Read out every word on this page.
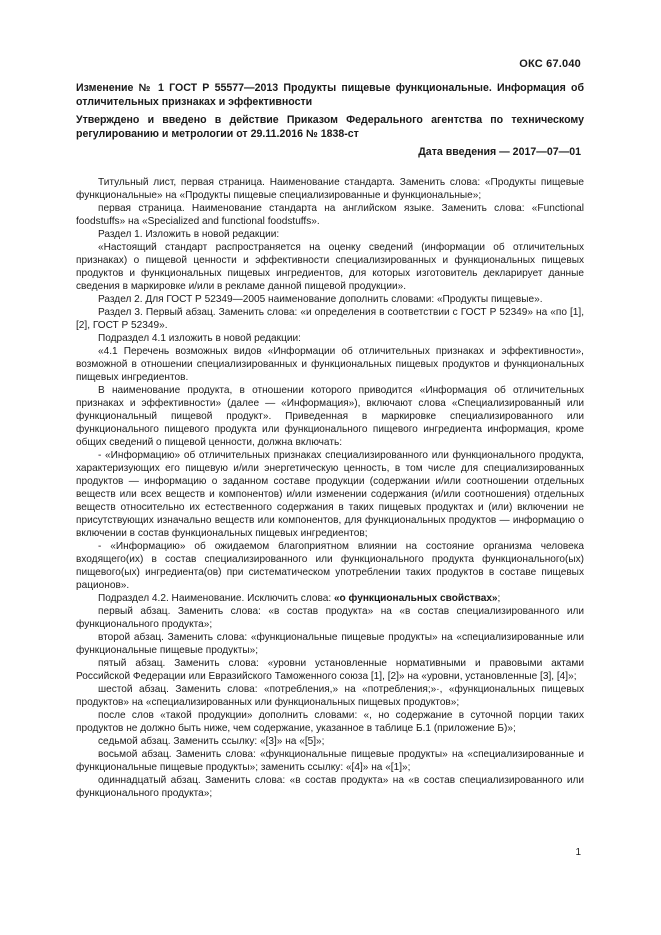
ОКС 67.040

Изменение № 1 ГОСТ Р 55577—2013 Продукты пищевые функциональные. Информация об отличительных признаках и эффективности

Утверждено и введено в действие Приказом Федерального агентства по техническому регулированию и метрологии от 29.11.2016 № 1838-ст

Дата введения — 2017—07—01

Титульный лист, первая страница. Наименование стандарта. Заменить слова: «Продукты пищевые функциональные» на «Продукты пищевые специализированные и функциональные»;

первая страница. Наименование стандарта на английском языке. Заменить слова: «Functional foodstuffs» на «Specialized and functional foodstuffs».

Раздел 1. Изложить в новой редакции:

«Настоящий стандарт распространяется на оценку сведений (информации об отличительных признаках) о пищевой ценности и эффективности специализированных и функциональных пищевых продуктов и функциональных пищевых ингредиентов, для которых изготовитель декларирует данные сведения в маркировке и/или в рекламе данной пищевой продукции».

Раздел 2. Для ГОСТ Р 52349—2005 наименование дополнить словами: «Продукты пищевые».

Раздел 3. Первый абзац. Заменить слова: «и определения в соответствии с ГОСТ Р 52349» на «по [1], [2], ГОСТ Р 52349».

Подраздел 4.1 изложить в новой редакции:

«4.1 Перечень возможных видов «Информации об отличительных признаках и эффективности», возможной в отношении специализированных и функциональных пищевых продуктов и функциональных пищевых ингредиентов.

В наименование продукта, в отношении которого приводится «Информация об отличительных признаках и эффективности» (далее — «Информация»), включают слова «Специализированный или функциональный пищевой продукт». Приведенная в маркировке специализированного или функционального пищевого продукта или функционального пищевого ингредиента информация, кроме общих сведений о пищевой ценности, должна включать:

- «Информацию» об отличительных признаках специализированного или функционального продукта, характеризующих его пищевую и/или энергетическую ценность, в том числе для специализированных продуктов — информацию о заданном составе продукции (содержании и/или соотношении отдельных веществ или всех веществ и компонентов) и/или изменении содержания (и/или соотношения) отдельных веществ относительно их естественного содержания в таких пищевых продуктах и (или) включении не присутствующих изначально веществ или компонентов, для функциональных продуктов — информацию о включении в состав функциональных пищевых ингредиентов;

- «Информацию» об ожидаемом благоприятном влиянии на состояние организма человека входящего(их) в состав специализированного или функционального продукта функционального(ых) пищевого(ых) ингредиента(ов) при систематическом употреблении таких продуктов в составе пищевых рационов».

Подраздел 4.2. Наименование. Исключить слова: «о функциональных свойствах»;

первый абзац. Заменить слова: «в состав продукта» на «в состав специализированного или функционального продукта»;

второй абзац. Заменить слова: «функциональные пищевые продукты» на «специализированные или функциональные пищевые продукты»;

пятый абзац. Заменить слова: «уровни установленные нормативными и правовыми актами Российской Федерации или Евразийского Таможенного союза [1], [2]» на «уровни, установленные [3], [4]»;

шестой абзац. Заменить слова: «потребления,» на «потребления;»·, «функциональных пищевых продуктов» на «специализированных или функциональных пищевых продуктов»;

после слов «такой продукции» дополнить словами: «, но содержание в суточной порции таких продуктов не должно быть ниже, чем содержание, указанное в таблице Б.1 (приложение Б)»;

седьмой абзац. Заменить ссылку: «[3]» на «[5]»;

восьмой абзац. Заменить слова: «функциональные пищевые продукты» на «специализированные и функциональные пищевые продукты»; заменить ссылку: «[4]» на «[1]»;

одиннадцатый абзац. Заменить слова: «в состав продукта» на «в состав специализированного или функционального продукта»;

1
